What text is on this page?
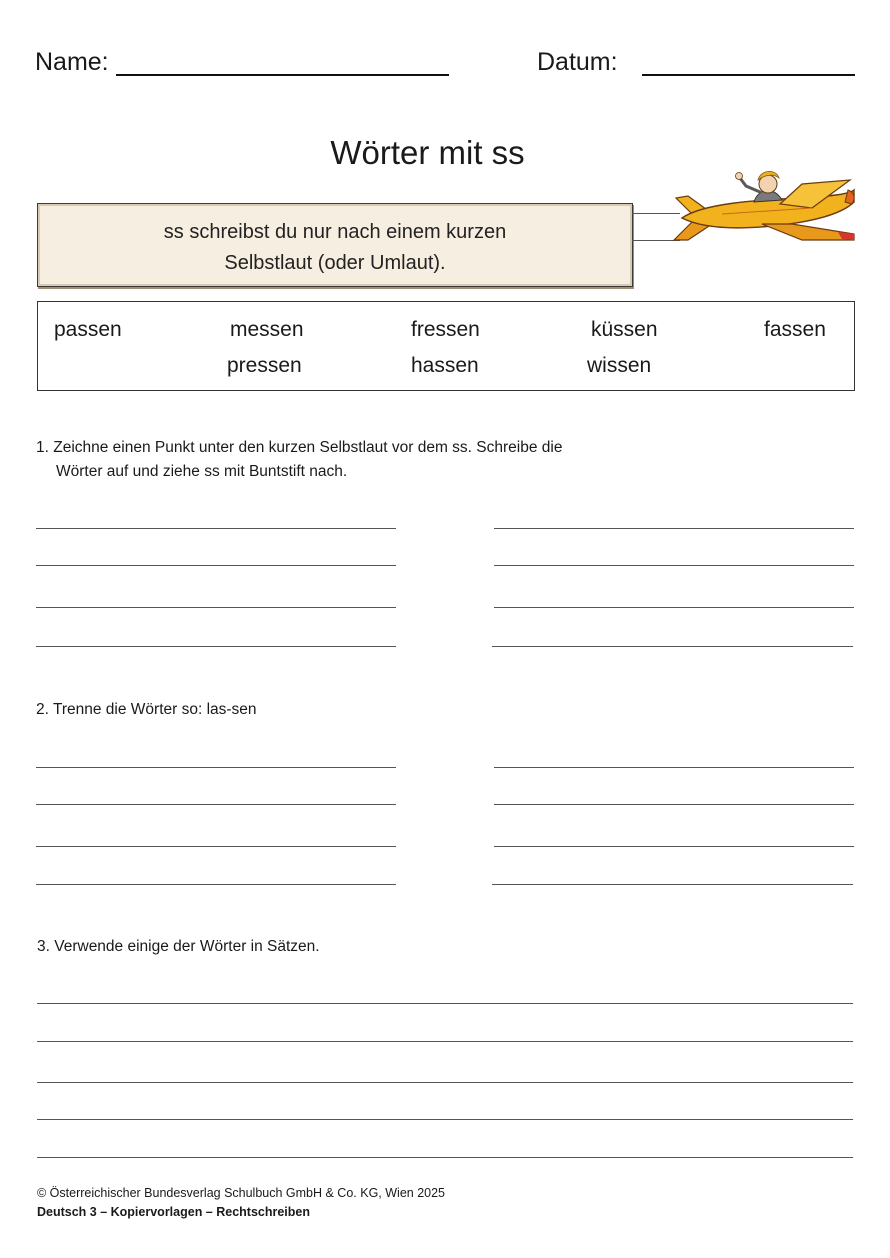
Name:	Datum:
Wörter mit ss
ss schreibst du nur nach einem kurzen
Selbstlaut (oder Umlaut).
passen	messen	fressen	küssen	fassen
pressen	hassen	wissen
1. Zeichne einen Punkt unter den kurzen Selbstlaut vor dem ss. Schreibe die
Wörter auf und ziehe ss mit Buntstift nach.
2. Trenne die Wörter so: las-sen
3. Verwende einige der Wörter in Sätzen.
© Österreichischer Bundesverlag Schulbuch GmbH & Co. KG, Wien 2025
Deutsch 3 – Kopiervorlagen – Rechtschreiben
